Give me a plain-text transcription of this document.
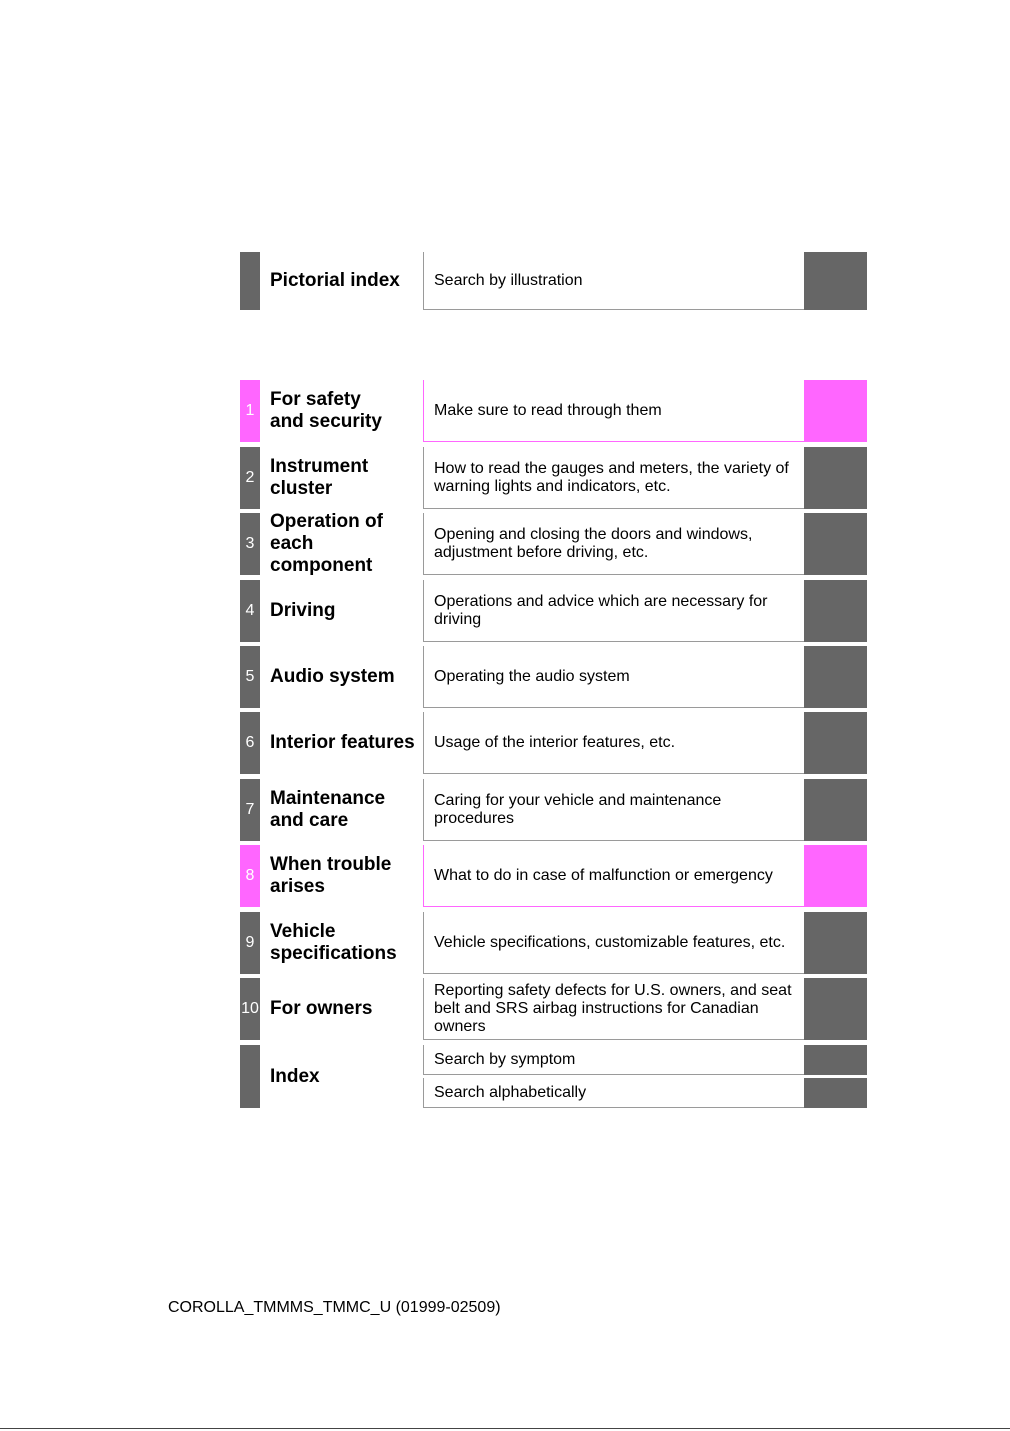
Pictorial index Search by illustration
1
For safety
and security
Make sure to read through them
2
Instrument
cluster
How to read the gauges and meters, the variety of
warning lights and indicators, etc.
3
Operation of
each
component
Opening and closing the doors and windows,
adjustment before driving, etc.
4 Driving	Operations and advice which are necessary for
driving
5 Audio system Operating the audio system
6 Interior features Usage of the interior features, etc.
7
Maintenance
and care
Caring for your vehicle and maintenance
procedures
8
When trouble
arises
What to do in case of malfunction or emergency
9
Vehicle
specifications
Vehicle specifications, customizable features, etc.
10 For owners
Reporting safety defects for U.S. owners, and seat
belt and SRS airbag instructions for Canadian
owners
Index
Search by symptom
Search alphabetically
COROLLA_TMMMS_TMMC_U (01999-02509)
